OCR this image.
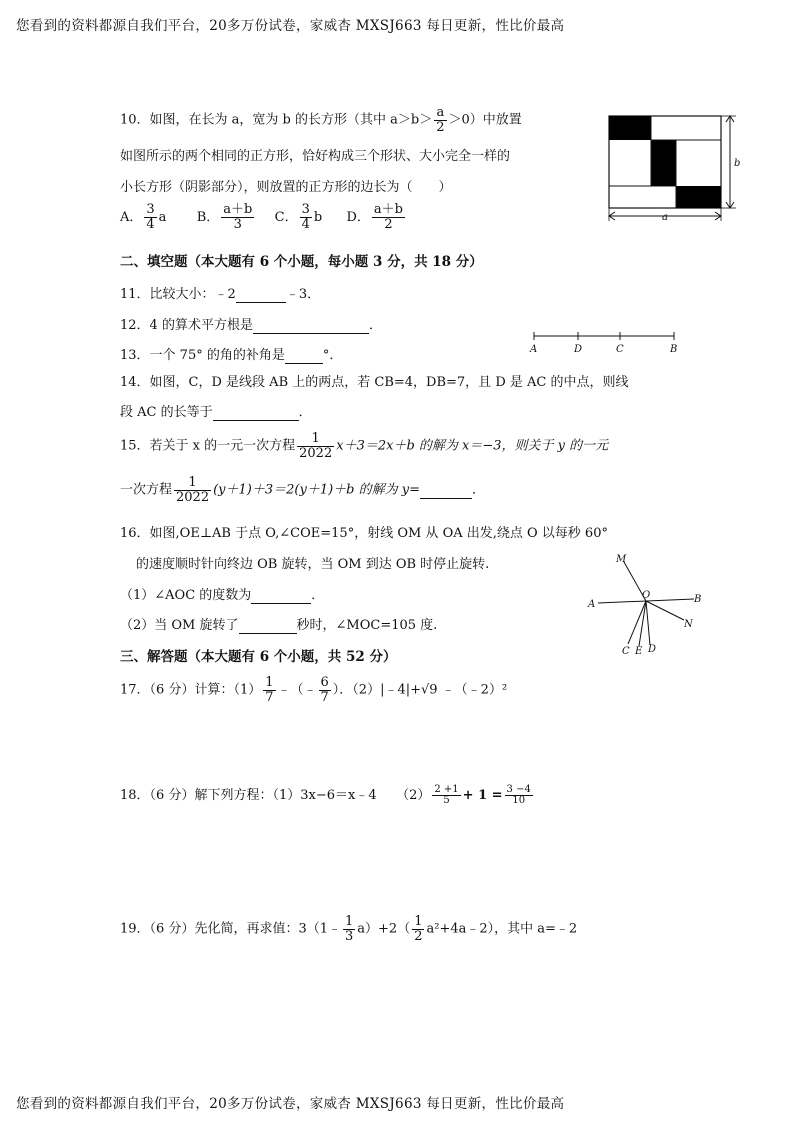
您看到的资料都源自我们平台，20多万份试卷，家威杏 MXSJ663 每日更新，性比价最高
您看到的资料都源自我们平台，20多万份试卷，家威杏 MXSJ663 每日更新，性比价最高
10．如图，在长为 a，宽为 b 的长方形（其中 $a>b> \frac{a}{2} >0$）中放置
如图所示的两个相同的正方形，恰好构成三个形状、大小完全一样的
小长方形（阴影部分），则放置的正方形的边长为（　　）
A． $\frac{3}{4}$ a B． $\frac{a+b}{3}$ C． $\frac{3}{4}$ b D． $\frac{a+b}{2}$
b
a
二、填空题（本大题有 6 个小题，每小题 3 分，共 18 分）
11．比较大小：﹣2	﹣3．
12．4 的算术平方根是	．
13．一个 75° 的角的补角是	°．	A	D	C	B
14．如图，C，D 是线段 AB 上的两点，若 CB=4，DB=7，且 D 是 AC 的中点，则线
段 AC 的长等于	．
15．若关于 x 的一元一次方程 $\frac{1}{2022} x+3=2x+b$ 的解为 x＝−3，则关于 y 的一元
一次方程 $\frac{1}{2022} (y+1)+3=2(y+1)+b$ 的解为 y=	．
16．如图,OE⊥AB 于点 O,∠COE=15°，射线 OM 从 OA 出发,绕点 O 以每秒 60°
的速度顺时针向终边 OB 旋转，当 OM 到达 OB 时停止旋转.
（1）∠AOC 的度数为	．
（2）当 OM 旋转了	秒时，∠MOC=105 度.
M
A
O	B
N
C E D
三、解答题（本大题有 6 个小题，共 52 分）
17．（6 分）计算：$(1) \frac{1}{7}$ ﹣（﹣ $\frac{6}{7}$ ）．（2）|﹣4|+√9 ﹣（﹣2）²
18．（6 分）解下列方程：（1）3x−6＝x﹣4　　$(2) \frac{2 +1}{5} + 1 = \frac{3 -4}{10}$
19．（6 分）先化简，再求值：3（1﹣ $\frac{1}{3} a)+2( \frac{1}{2}$ a²+4a﹣2），其中 a=﹣2
